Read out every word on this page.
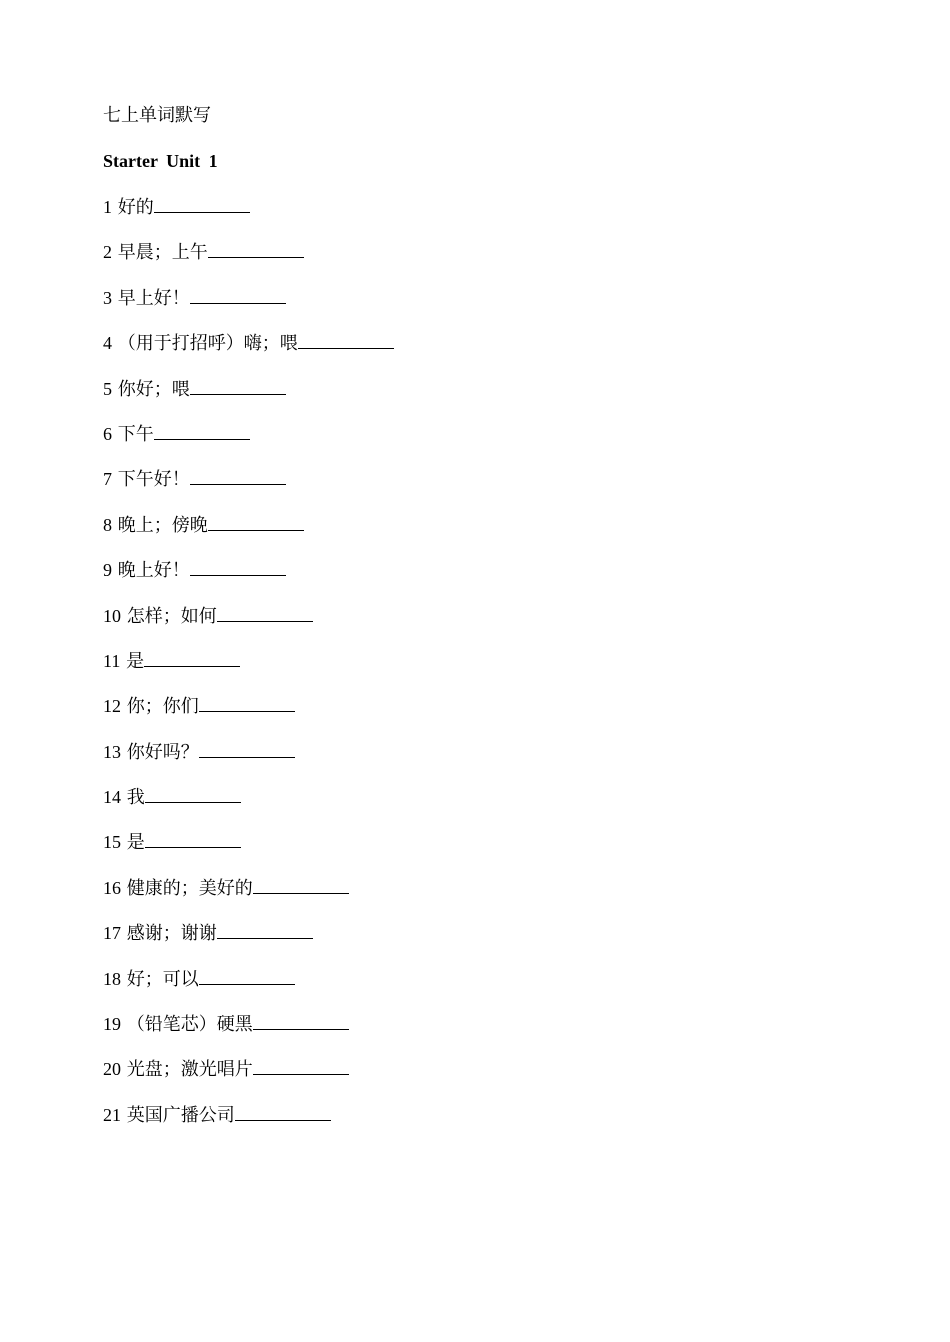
七上单词默写
Starter Unit 1
1 好的
2 早晨；上午
3 早上好！
4 （用于打招呼）嗨；喂
5 你好；喂
6 下午
7 下午好！
8 晚上；傍晚
9 晚上好！
10 怎样；如何
11 是
12 你；你们
13 你好吗？
14 我
15 是
16 健康的；美好的
17 感谢；谢谢
18 好；可以
19 （铅笔芯）硬黑
20 光盘；激光唱片
21 英国广播公司
